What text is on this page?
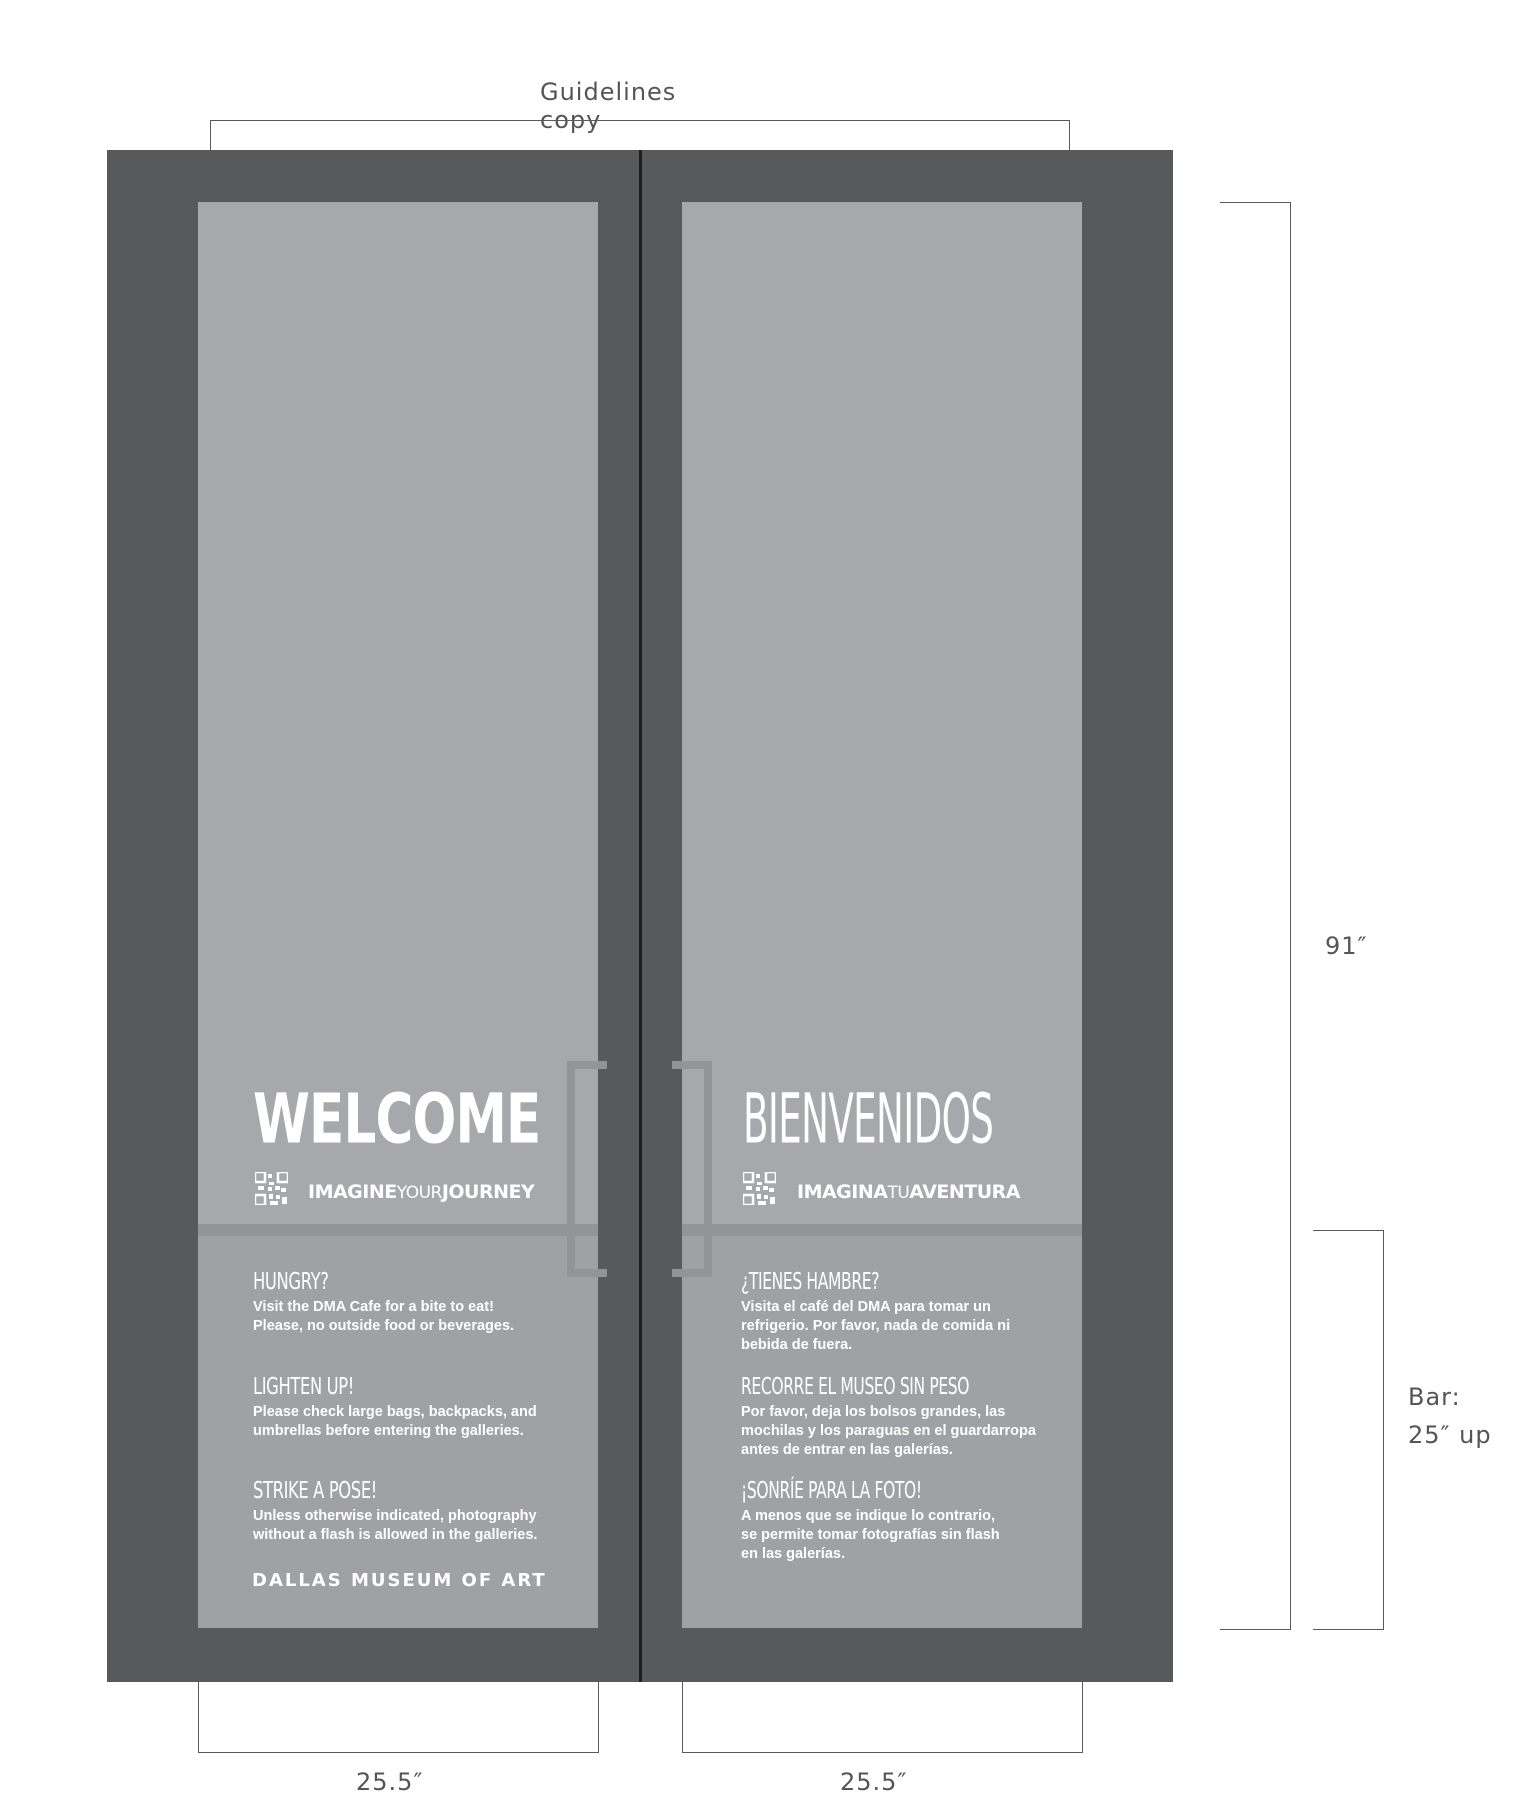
Guidelines copy
91″
Bar:
25″ up
25.5″	25.5″
WELCOME
IMAGINEYOURJOURNEY
HUNGRY?
Visit the DMA Cafe for a bite to eat!
Please, no outside food or beverages.
LIGHTEN UP!
Please check large bags, backpacks, and
umbrellas before entering the galleries.
STRIKE A POSE!
Unless otherwise indicated, photography
without a flash is allowed in the galleries.
DALLAS MUSEUM OF ART
BIENVENIDOS
IMAGINATUAVENTURA
¿TIENES HAMBRE?
Visita el café del DMA para tomar un
refrigerio. Por favor, nada de comida ni
bebida de fuera.
RECORRE EL MUSEO SIN PESO
Por favor, deja los bolsos grandes, las
mochilas y los paraguas en el guardarropa
antes de entrar en las galerías.
¡SONRÍE PARA LA FOTO!
A menos que se indique lo contrario,
se permite tomar fotografías sin flash
en las galerías.
